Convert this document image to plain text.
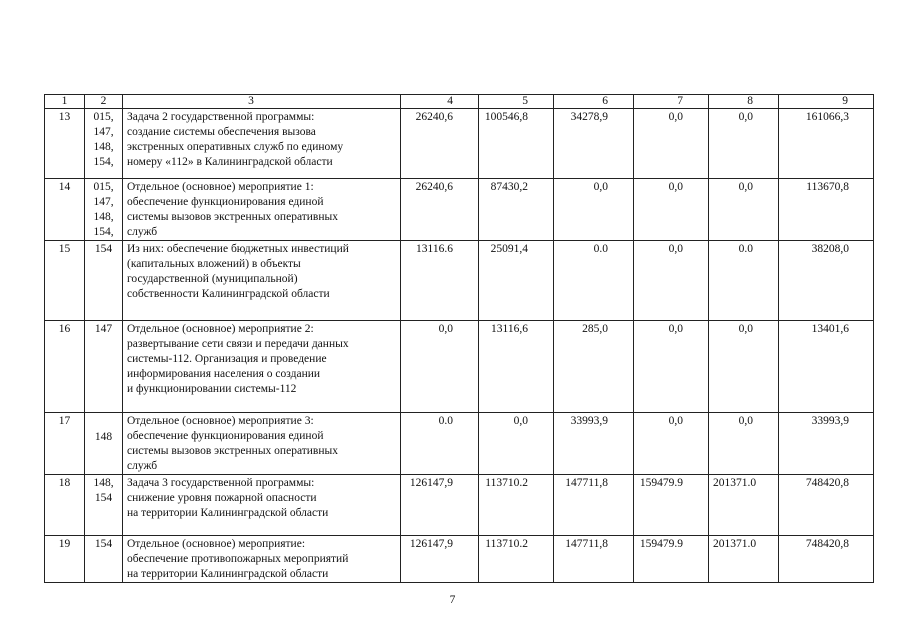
1	2	3	4	5	6	7	8	9

13	015,
147,
148,
154,	Задача 2 государственной программы:
создание системы обеспечения вызова
экстренных оперативных служб по единому
номеру «112» в Калининградской области	26240,6	100546,8	34278,9	0,0	0,0	161066,3

14	015,
147,
148,
154,	Отдельное (основное) мероприятие 1:
обеспечение функционирования единой
системы вызовов экстренных оперативных
служб	26240,6	87430,2	0,0	0,0	0,0	113670,8

15	154	Из них: обеспечение бюджетных инвестиций
(капитальных вложений) в объекты
государственной (муниципальной)
собственности Калининградской области	13116.6	25091,4	0.0	0,0	0.0	38208,0

16	147	Отдельное (основное) мероприятие 2:
развертывание сети связи и передачи данных
системы-112. Организация и проведение
информирования населения о создании
и функционировании системы-112	0,0	13116,6	285,0	0,0	0,0	13401,6

17	148	Отдельное (основное) мероприятие 3:
обеспечение функционирования единой
системы вызовов экстренных оперативных
служб	0.0	0,0	33993,9	0,0	0,0	33993,9

18	148,
154	Задача 3 государственной программы:
снижение уровня пожарной опасности
на территории Калининградской области	126147,9	113710.2	147711,8	159479.9	201371.0	748420,8

19	154	Отдельное (основное) мероприятие:
обеспечение противопожарных мероприятий
на территории Калининградской области	126147,9	113710.2	147711,8	159479.9	201371.0	748420,8
7
